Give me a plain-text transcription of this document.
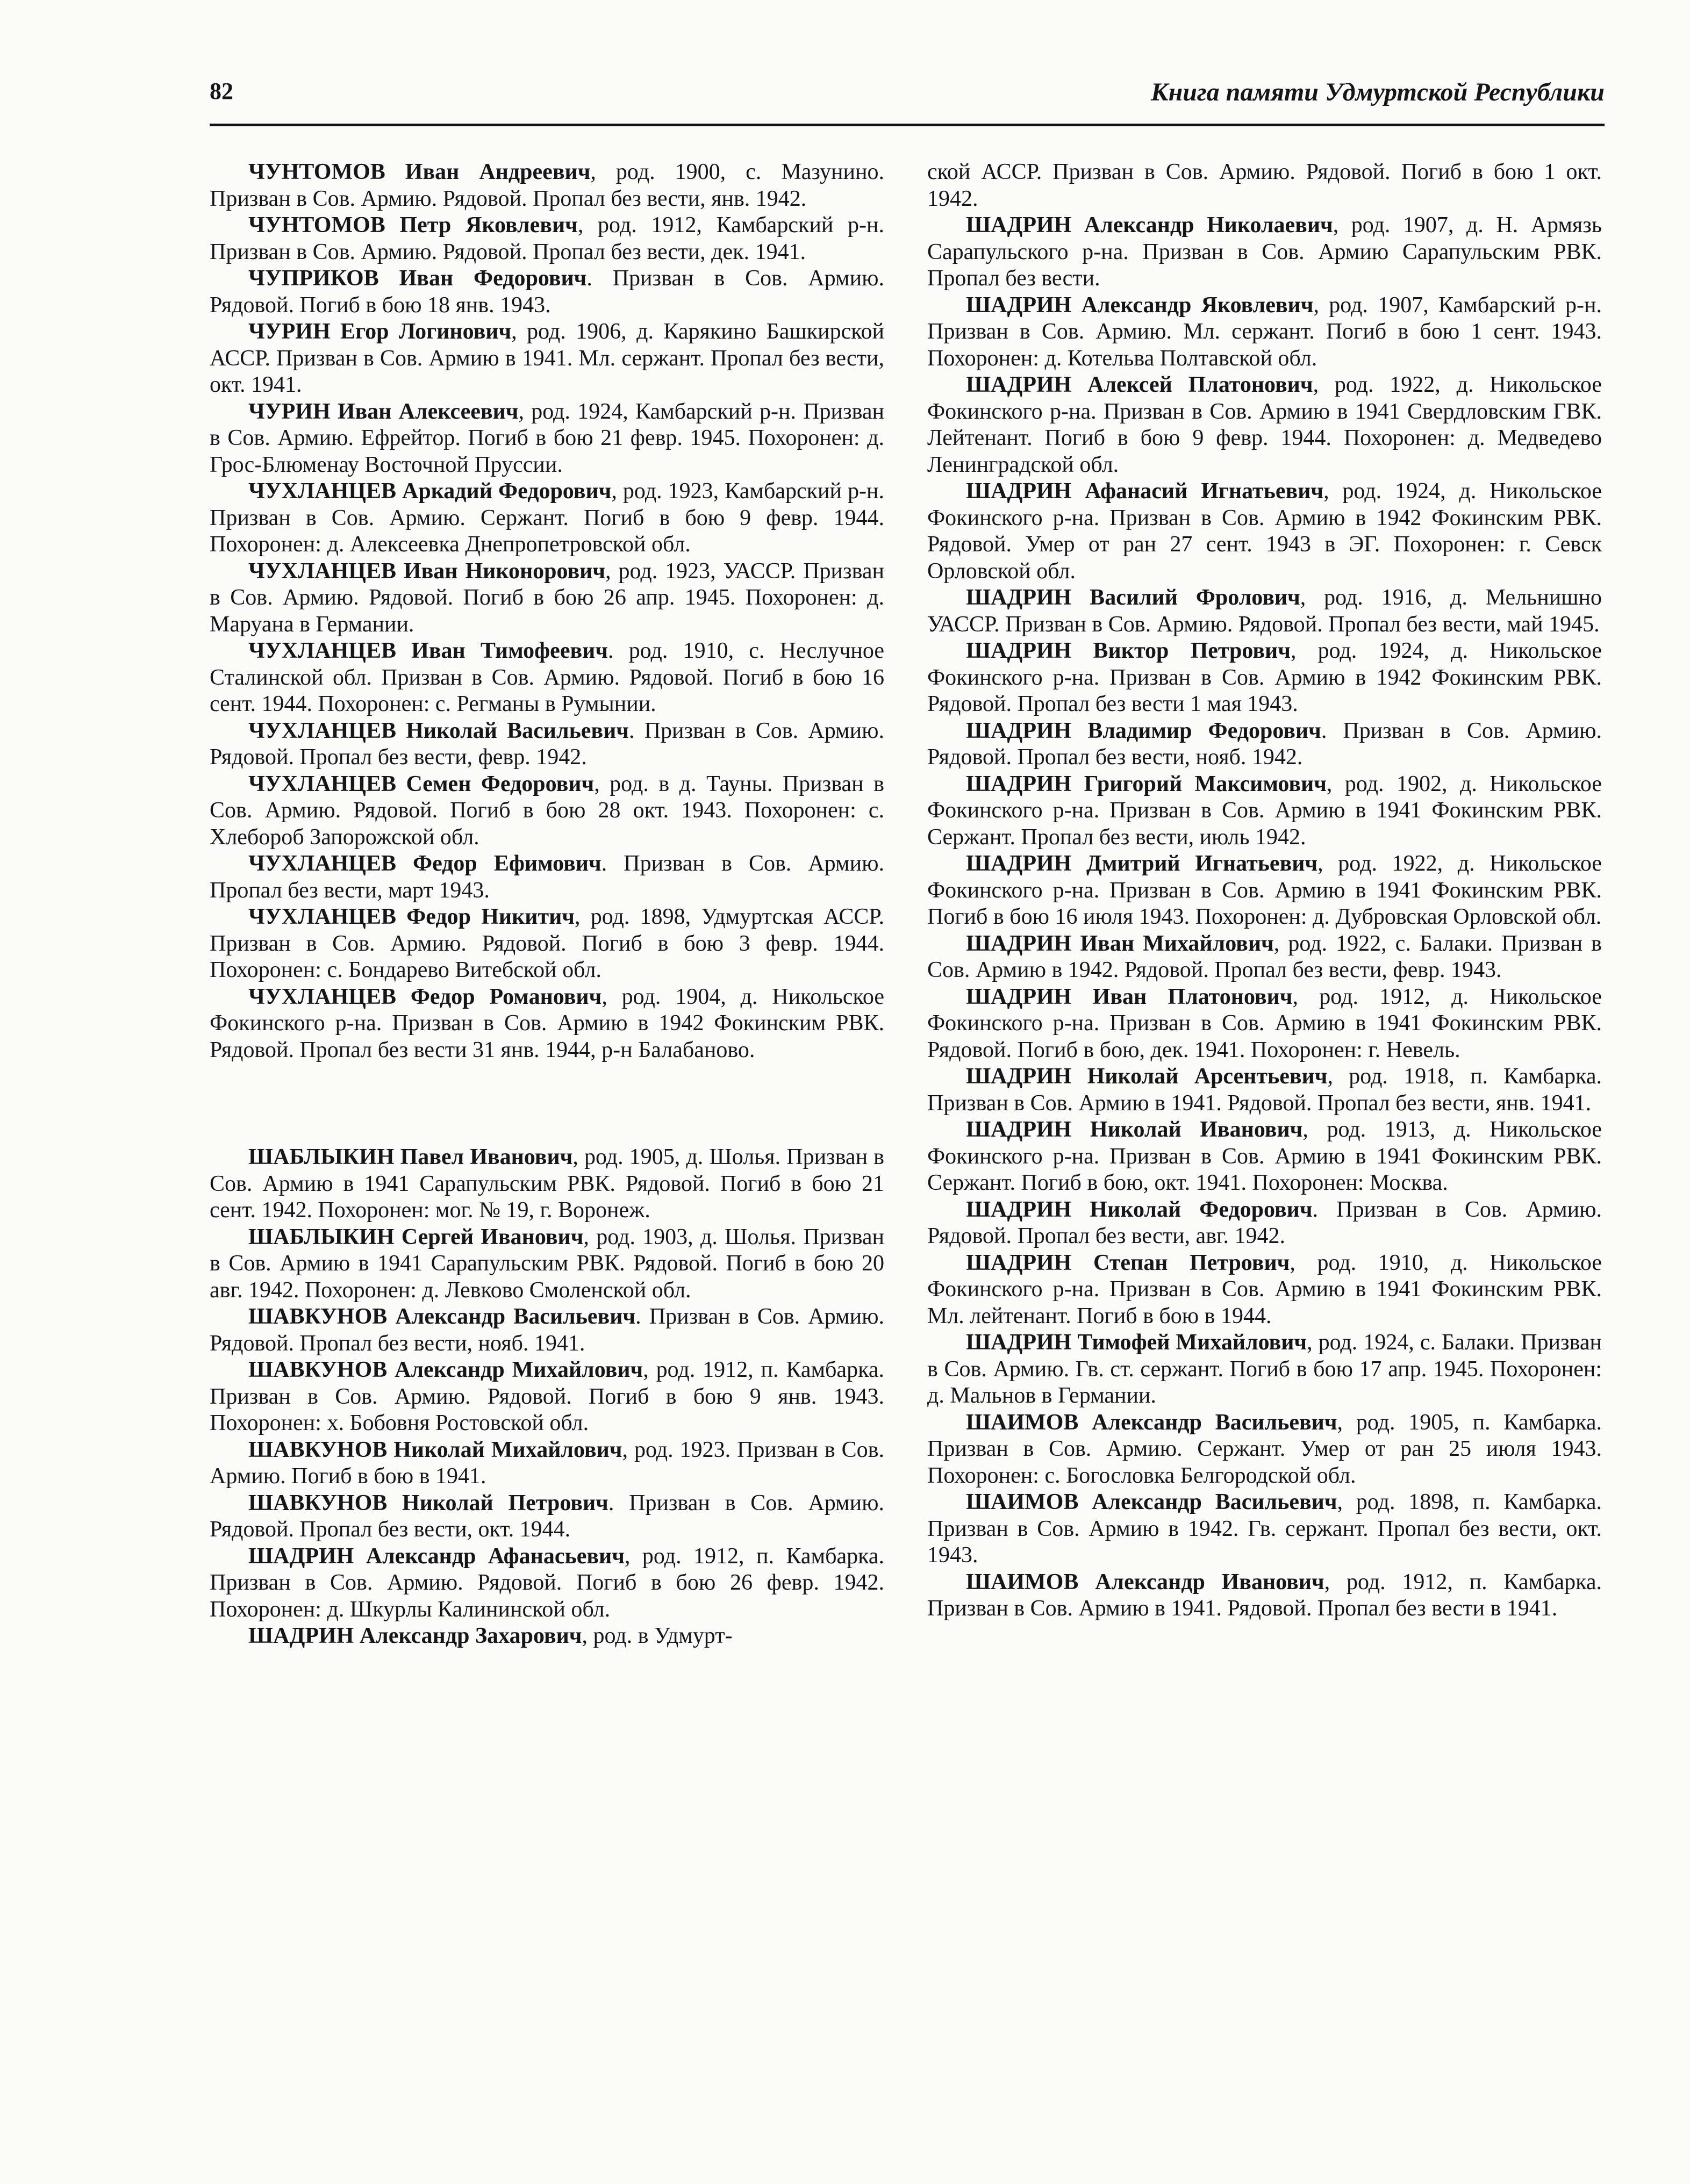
82	Книга памяти Удмуртской Республики

ЧУНТОМОВ Иван Андреевич, род. 1900, с. Мазунино. Призван в Сов. Армию. Рядовой. Пропал без вести, янв. 1942.

ЧУНТОМОВ Петр Яковлевич, род. 1912, Камбарский р-н. Призван в Сов. Армию. Рядовой. Пропал без вести, дек. 1941.

ЧУПРИКОВ Иван Федорович. Призван в Сов. Армию. Рядовой. Погиб в бою 18 янв. 1943.

ЧУРИН Егор Логинович, род. 1906, д. Карякино Башкирской АССР. Призван в Сов. Армию в 1941. Мл. сержант. Пропал без вести, окт. 1941.

ЧУРИН Иван Алексеевич, род. 1924, Камбарский р-н. Призван в Сов. Армию. Ефрейтор. Погиб в бою 21 февр. 1945. Похоронен: д. Грос-Блюменау Восточной Пруссии.

ЧУХЛАНЦЕВ Аркадий Федорович, род. 1923, Камбарский р-н. Призван в Сов. Армию. Сержант. Погиб в бою 9 февр. 1944. Похоронен: д. Алексеевка Днепропетровской обл.

ЧУХЛАНЦЕВ Иван Никонорович, род. 1923, УАССР. Призван в Сов. Армию. Рядовой. Погиб в бою 26 апр. 1945. Похоронен: д. Маруана в Германии.

ЧУХЛАНЦЕВ Иван Тимофеевич. род. 1910, с. Неслучное Сталинской обл. Призван в Сов. Армию. Рядовой. Погиб в бою 16 сент. 1944. Похоронен: с. Регманы в Румынии.

ЧУХЛАНЦЕВ Николай Васильевич. Призван в Сов. Армию. Рядовой. Пропал без вести, февр. 1942.

ЧУХЛАНЦЕВ Семен Федорович, род. в д. Тауны. Призван в Сов. Армию. Рядовой. Погиб в бою 28 окт. 1943. Похоронен: с. Хлебороб Запорожской обл.

ЧУХЛАНЦЕВ Федор Ефимович. Призван в Сов. Армию. Пропал без вести, март 1943.

ЧУХЛАНЦЕВ Федор Никитич, род. 1898, Удмуртская АССР. Призван в Сов. Армию. Рядовой. Погиб в бою 3 февр. 1944. Похоронен: с. Бондарево Витебской обл.

ЧУХЛАНЦЕВ Федор Романович, род. 1904, д. Никольское Фокинского р-на. Призван в Сов. Армию в 1942 Фокинским РВК. Рядовой. Пропал без вести 31 янв. 1944, р-н Балабаново.

ШАБЛЫКИН Павел Иванович, род. 1905, д. Шолья. Призван в Сов. Армию в 1941 Сарапульским РВК. Рядовой. Погиб в бою 21 сент. 1942. Похоронен: мог. № 19, г. Воронеж.

ШАБЛЫКИН Сергей Иванович, род. 1903, д. Шолья. Призван в Сов. Армию в 1941 Сарапульским РВК. Рядовой. Погиб в бою 20 авг. 1942. Похоронен: д. Левково Смоленской обл.

ШАВКУНОВ Александр Васильевич. Призван в Сов. Армию. Рядовой. Пропал без вести, нояб. 1941.

ШАВКУНОВ Александр Михайлович, род. 1912, п. Камбарка. Призван в Сов. Армию. Рядовой. Погиб в бою 9 янв. 1943. Похоронен: х. Бобовня Ростовской обл.

ШАВКУНОВ Николай Михайлович, род. 1923. Призван в Сов. Армию. Погиб в бою в 1941.

ШАВКУНОВ Николай Петрович. Призван в Сов. Армию. Рядовой. Пропал без вести, окт. 1944.

ШАДРИН Александр Афанасьевич, род. 1912, п. Камбарка. Призван в Сов. Армию. Рядовой. Погиб в бою 26 февр. 1942. Похоронен: д. Шкурлы Калининской обл.

ШАДРИН Александр Захарович, род. в Удмурт-

ской АССР. Призван в Сов. Армию. Рядовой. Погиб в бою 1 окт. 1942.

ШАДРИН Александр Николаевич, род. 1907, д. Н. Армязь Сарапульского р-на. Призван в Сов. Армию Сарапульским РВК. Пропал без вести.

ШАДРИН Александр Яковлевич, род. 1907, Камбарский р-н. Призван в Сов. Армию. Мл. сержант. Погиб в бою 1 сент. 1943. Похоронен: д. Котельва Полтавской обл.

ШАДРИН Алексей Платонович, род. 1922, д. Никольское Фокинского р-на. Призван в Сов. Армию в 1941 Свердловским ГВК. Лейтенант. Погиб в бою 9 февр. 1944. Похоронен: д. Медведево Ленинградской обл.

ШАДРИН Афанасий Игнатьевич, род. 1924, д. Никольское Фокинского р-на. Призван в Сов. Армию в 1942 Фокинским РВК. Рядовой. Умер от ран 27 сент. 1943 в ЭГ. Похоронен: г. Севск Орловской обл.

ШАДРИН Василий Фролович, род. 1916, д. Мельнишно УАССР. Призван в Сов. Армию. Рядовой. Пропал без вести, май 1945.

ШАДРИН Виктор Петрович, род. 1924, д. Никольское Фокинского р-на. Призван в Сов. Армию в 1942 Фокинским РВК. Рядовой. Пропал без вести 1 мая 1943.

ШАДРИН Владимир Федорович. Призван в Сов. Армию. Рядовой. Пропал без вести, нояб. 1942.

ШАДРИН Григорий Максимович, род. 1902, д. Никольское Фокинского р-на. Призван в Сов. Армию в 1941 Фокинским РВК. Сержант. Пропал без вести, июль 1942.

ШАДРИН Дмитрий Игнатьевич, род. 1922, д. Никольское Фокинского р-на. Призван в Сов. Армию в 1941 Фокинским РВК. Погиб в бою 16 июля 1943. Похоронен: д. Дубровская Орловской обл.

ШАДРИН Иван Михайлович, род. 1922, с. Балаки. Призван в Сов. Армию в 1942. Рядовой. Пропал без вести, февр. 1943.

ШАДРИН Иван Платонович, род. 1912, д. Никольское Фокинского р-на. Призван в Сов. Армию в 1941 Фокинским РВК. Рядовой. Погиб в бою, дек. 1941. Похоронен: г. Невель.

ШАДРИН Николай Арсентьевич, род. 1918, п. Камбарка. Призван в Сов. Армию в 1941. Рядовой. Пропал без вести, янв. 1941.

ШАДРИН Николай Иванович, род. 1913, д. Никольское Фокинского р-на. Призван в Сов. Армию в 1941 Фокинским РВК. Сержант. Погиб в бою, окт. 1941. Похоронен: Москва.

ШАДРИН Николай Федорович. Призван в Сов. Армию. Рядовой. Пропал без вести, авг. 1942.

ШАДРИН Степан Петрович, род. 1910, д. Никольское Фокинского р-на. Призван в Сов. Армию в 1941 Фокинским РВК. Мл. лейтенант. Погиб в бою в 1944.

ШАДРИН Тимофей Михайлович, род. 1924, с. Балаки. Призван в Сов. Армию. Гв. ст. сержант. Погиб в бою 17 апр. 1945. Похоронен: д. Мальнов в Германии.

ШАИМОВ Александр Васильевич, род. 1905, п. Камбарка. Призван в Сов. Армию. Сержант. Умер от ран 25 июля 1943. Похоронен: с. Богословка Белгородской обл.

ШАИМОВ Александр Васильевич, род. 1898, п. Камбарка. Призван в Сов. Армию в 1942. Гв. сержант. Пропал без вести, окт. 1943.

ШАИМОВ Александр Иванович, род. 1912, п. Камбарка. Призван в Сов. Армию в 1941. Рядовой. Пропал без вести в 1941.
